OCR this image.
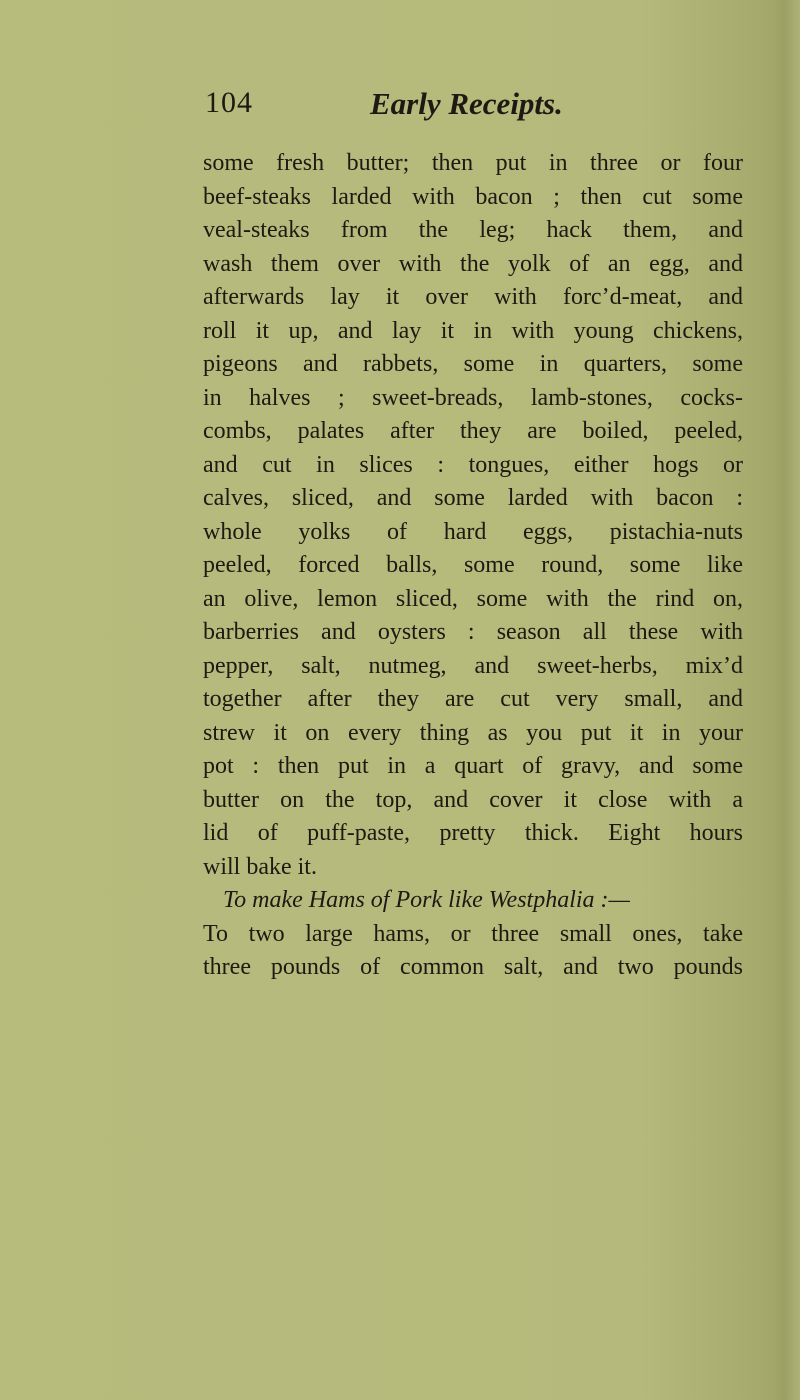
104	Early Receipts.
some fresh butter; then put in three or four
beef-steaks larded with bacon ; then cut some
veal-steaks from the leg; hack them, and
wash them over with the yolk of an egg, and
afterwards lay it over with forc’d-meat, and
roll it up, and lay it in with young chickens,
pigeons and rabbets, some in quarters, some
in halves ; sweet-breads, lamb-stones, cocks-
combs, palates after they are boiled, peeled,
and cut in slices : tongues, either hogs or
calves, sliced, and some larded with bacon :
whole yolks of hard eggs, pistachia-nuts
peeled, forced balls, some round, some like
an olive, lemon sliced, some with the rind on,
barberries and oysters : season all these with
pepper, salt, nutmeg, and sweet-herbs, mix’d
together after they are cut very small, and
strew it on every thing as you put it in your
pot : then put in a quart of gravy, and some
butter on the top, and cover it close with a
lid of puff-paste, pretty thick. Eight hours
will bake it.
To make Hams of Pork like Westphalia :—
To two large hams, or three small ones, take
three pounds of common salt, and two pounds
